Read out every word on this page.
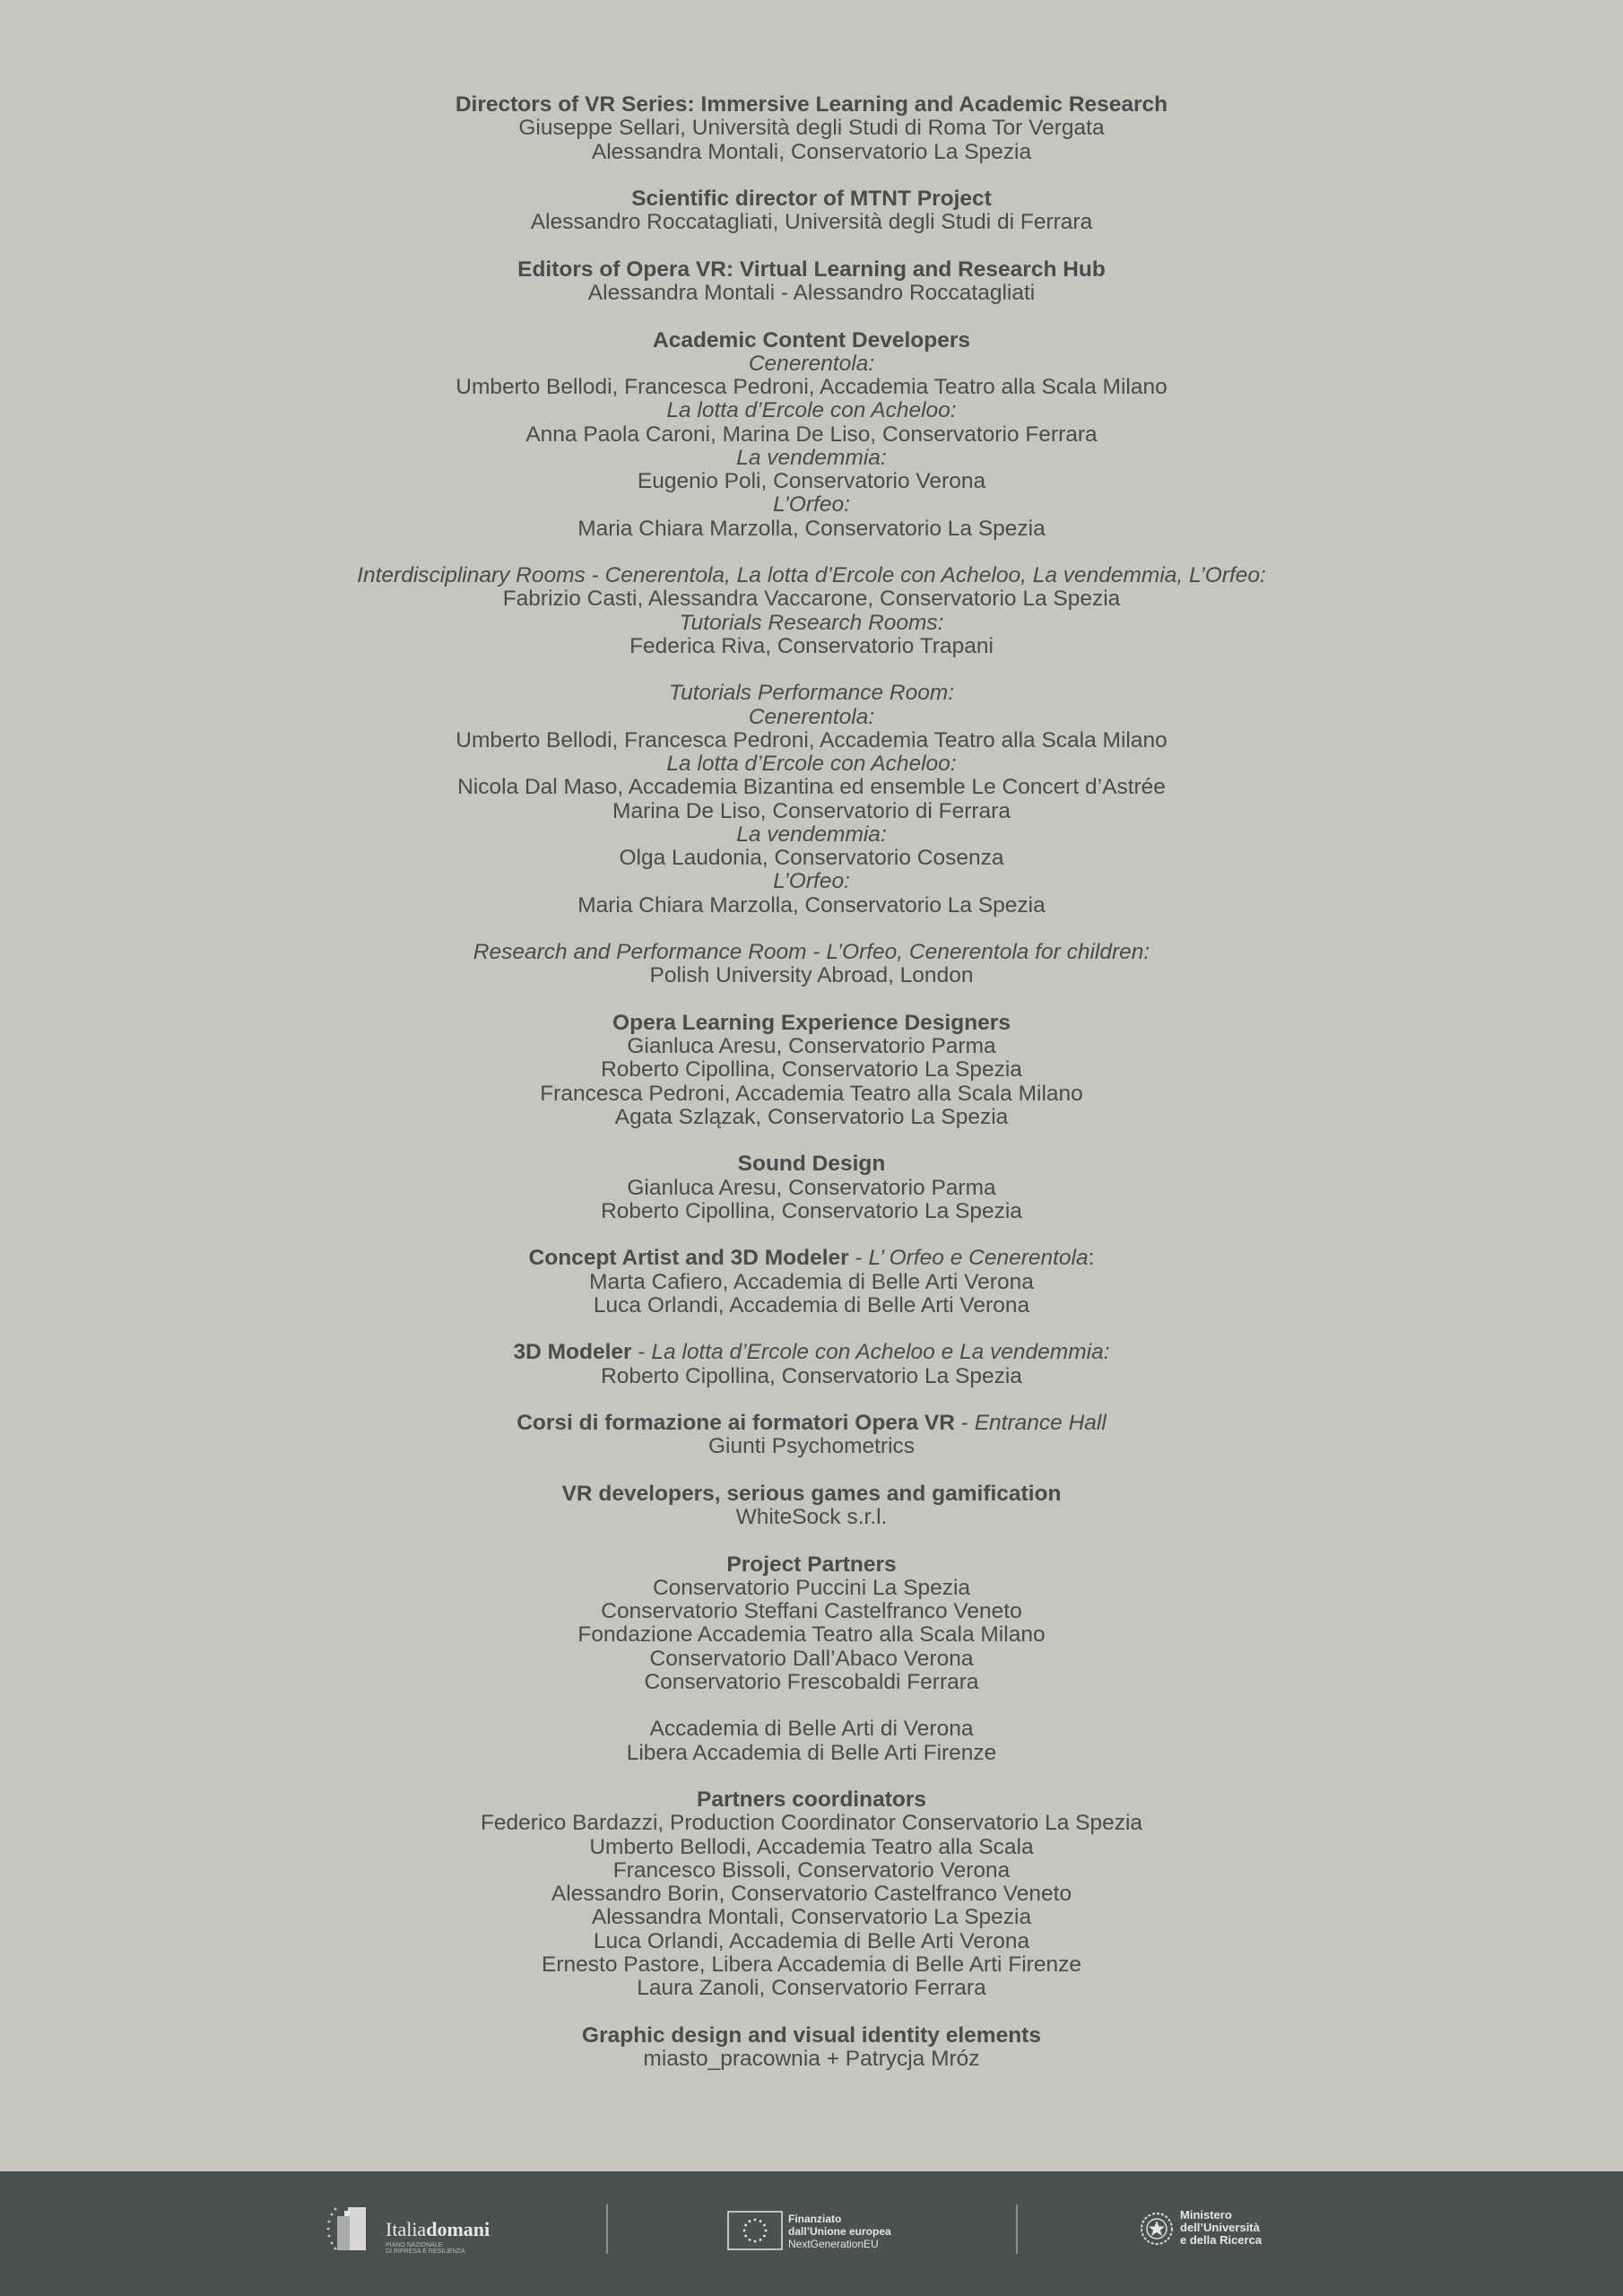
Directors of VR Series: Immersive Learning and Academic Research
Giuseppe Sellari, Università degli Studi di Roma Tor Vergata
Alessandra Montali, Conservatorio La Spezia
Scientific director of MTNT Project
Alessandro Roccatagliati, Università degli Studi di Ferrara
Editors of Opera VR: Virtual Learning and Research Hub
Alessandra Montali - Alessandro Roccatagliati
Academic Content Developers
Cenerentola:
Umberto Bellodi, Francesca Pedroni, Accademia Teatro alla Scala Milano
La lotta d’Ercole con Acheloo:
Anna Paola Caroni, Marina De Liso, Conservatorio Ferrara
La vendemmia:
Eugenio Poli, Conservatorio Verona
L’Orfeo:
Maria Chiara Marzolla, Conservatorio La Spezia
Interdisciplinary Rooms - Cenerentola, La lotta d’Ercole con Acheloo, La vendemmia, L’Orfeo:
Fabrizio Casti, Alessandra Vaccarone, Conservatorio La Spezia
Tutorials Research Rooms:
Federica Riva, Conservatorio Trapani
Tutorials Performance Room:
Cenerentola:
Umberto Bellodi, Francesca Pedroni, Accademia Teatro alla Scala Milano
La lotta d’Ercole con Acheloo:
Nicola Dal Maso, Accademia Bizantina ed ensemble Le Concert d’Astrée
Marina De Liso, Conservatorio di Ferrara
La vendemmia:
Olga Laudonia, Conservatorio Cosenza
L’Orfeo:
Maria Chiara Marzolla, Conservatorio La Spezia
Research and Performance Room - L’Orfeo, Cenerentola for children:
Polish University Abroad, London
Opera Learning Experience Designers
Gianluca Aresu, Conservatorio Parma
Roberto Cipollina, Conservatorio La Spezia
Francesca Pedroni, Accademia Teatro alla Scala Milano
Agata Szlązak, Conservatorio La Spezia
Sound Design
Gianluca Aresu, Conservatorio Parma
Roberto Cipollina, Conservatorio La Spezia
Concept Artist and 3D Modeler - L’ Orfeo e Cenerentola:
Marta Cafiero, Accademia di Belle Arti Verona
Luca Orlandi, Accademia di Belle Arti Verona
3D Modeler - La lotta d’Ercole con Acheloo e La vendemmia:
Roberto Cipollina, Conservatorio La Spezia
Corsi di formazione ai formatori Opera VR - Entrance Hall
Giunti Psychometrics
VR developers, serious games and gamification
WhiteSock s.r.l.
Project Partners
Conservatorio Puccini La Spezia
Conservatorio Steffani Castelfranco Veneto
Fondazione Accademia Teatro alla Scala Milano
Conservatorio Dall’Abaco Verona
Conservatorio Frescobaldi Ferrara
Accademia di Belle Arti di Verona
Libera Accademia di Belle Arti Firenze
Partners coordinators
Federico Bardazzi, Production Coordinator Conservatorio La Spezia
Umberto Bellodi, Accademia Teatro alla Scala
Francesco Bissoli, Conservatorio Verona
Alessandro Borin, Conservatorio Castelfranco Veneto
Alessandra Montali, Conservatorio La Spezia
Luca Orlandi, Accademia di Belle Arti Verona
Ernesto Pastore, Libera Accademia di Belle Arti Firenze
Laura Zanoli, Conservatorio Ferrara
Graphic design and visual identity elements
miasto_pracownia + Patrycja Mróz
Italiadomani
PIANO NAZIONALE
DI RIPRESA E RESILIENZA
Finanziato
dall’Unione europea
NextGenerationEU
Ministero
dell’Università
e della Ricerca
